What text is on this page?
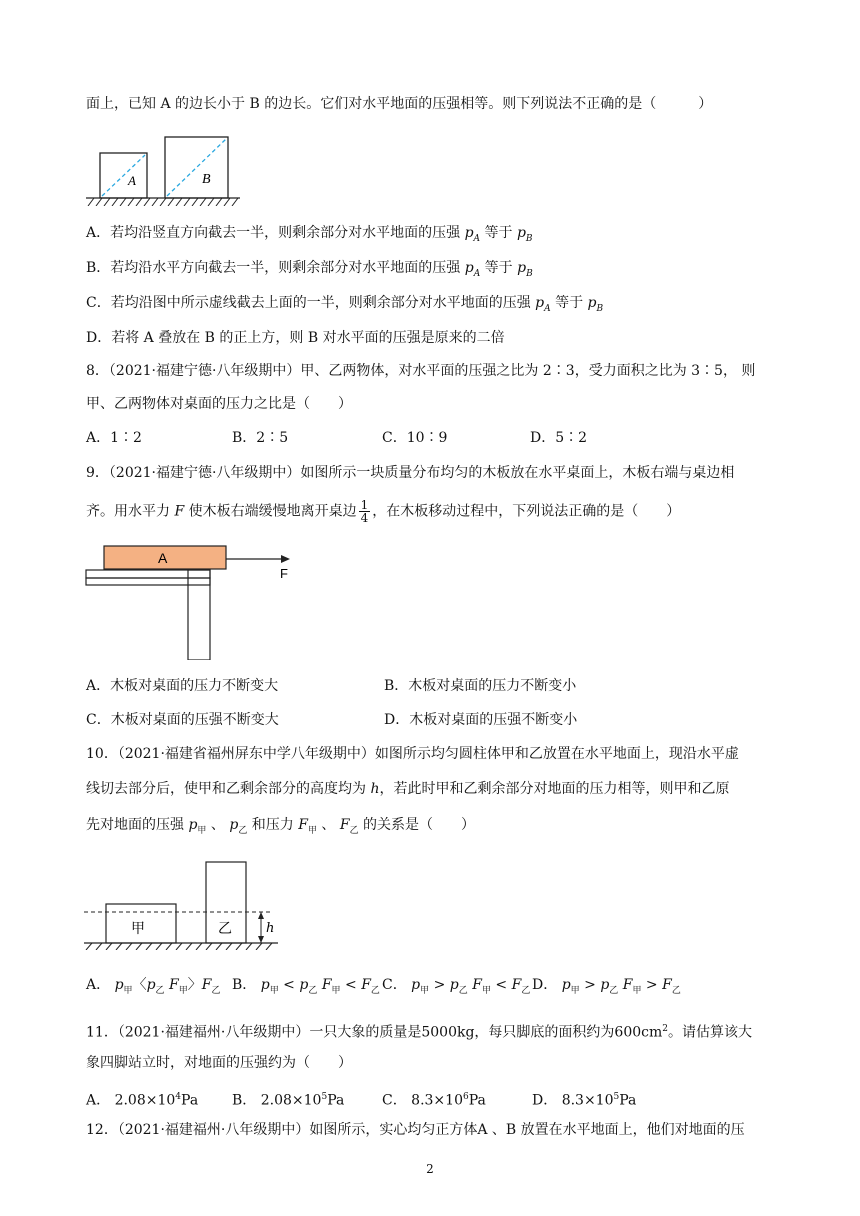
面上，已知 A 的边长小于 B 的边长。它们对水平地面的压强相等。则下列说法不正确的是（　　　）
A	B
A．若均沿竖直方向截去一半，则剩余部分对水平地面的压强 $p_A$ 等于 $p_B$
B．若均沿水平方向截去一半，则剩余部分对水平地面的压强 $p_A$ 等于 $p_B$
C．若均沿图中所示虚线截去上面的一半，则剩余部分对水平地面的压强 $p_A$ 等于 $p_B$
D．若将 A 叠放在 B 的正上方，则 B 对水平面的压强是原来的二倍
8．（2021·福建宁德·八年级期中）甲、乙两物体，对水平面的压强之比为 2∶3，受力面积之比为 3∶5， 则
甲、乙两物体对桌面的压力之比是（　　）
A．1∶2	B．2∶5	C．10∶9	D．5∶2
9．（2021·福建宁德·八年级期中）如图所示一块质量分布均匀的木板放在水平桌面上，木板右端与桌边相
齐。用水平力 F 使木板右端缓慢地离开桌边 $\frac{1}{4}$ ，在木板移动过程中，下列说法正确的是（　　）
A
F
A．木板对桌面的压力不断变大	B．木板对桌面的压力不断变小
C．木板对桌面的压强不断变大	D．木板对桌面的压强不断变小
10．（2021·福建省福州屏东中学八年级期中）如图所示均匀圆柱体甲和乙放置在水平地面上，现沿水平虚
线切去部分后，使甲和乙剩余部分的高度均为 h，若此时甲和乙剩余部分对地面的压力相等，则甲和乙原
先对地面的压强 $p_甲$ 、 $p_乙$ 和压力 $F_甲$ 、 $F_乙$ 的关系是（　　）
甲	乙	h
A． $p_甲$〈$p_乙$ $F_甲$〉$F_乙$ B． $p_甲 < p_乙$ $F_甲 < F_乙$ C． $p_甲 > p_乙$ $F_甲 < F_乙$ D． $p_甲 > p_乙$ $F_甲 > F_乙$
11．（2021·福建福州·八年级期中）一只大象的质量是5000kg，每只脚底的面积约为$600cm^2$。请估算该大
象四脚站立时，对地面的压强约为（　　）
A． $2.08\times 10^4Pa$ B． $2.08\times 10^5Pa$	C． $8.3\times 10^6Pa$	D． $8.3\times 10^5Pa$
12．（2021·福建福州·八年级期中）如图所示，实心均匀正方体A 、B 放置在水平地面上，他们对地面的压
2
